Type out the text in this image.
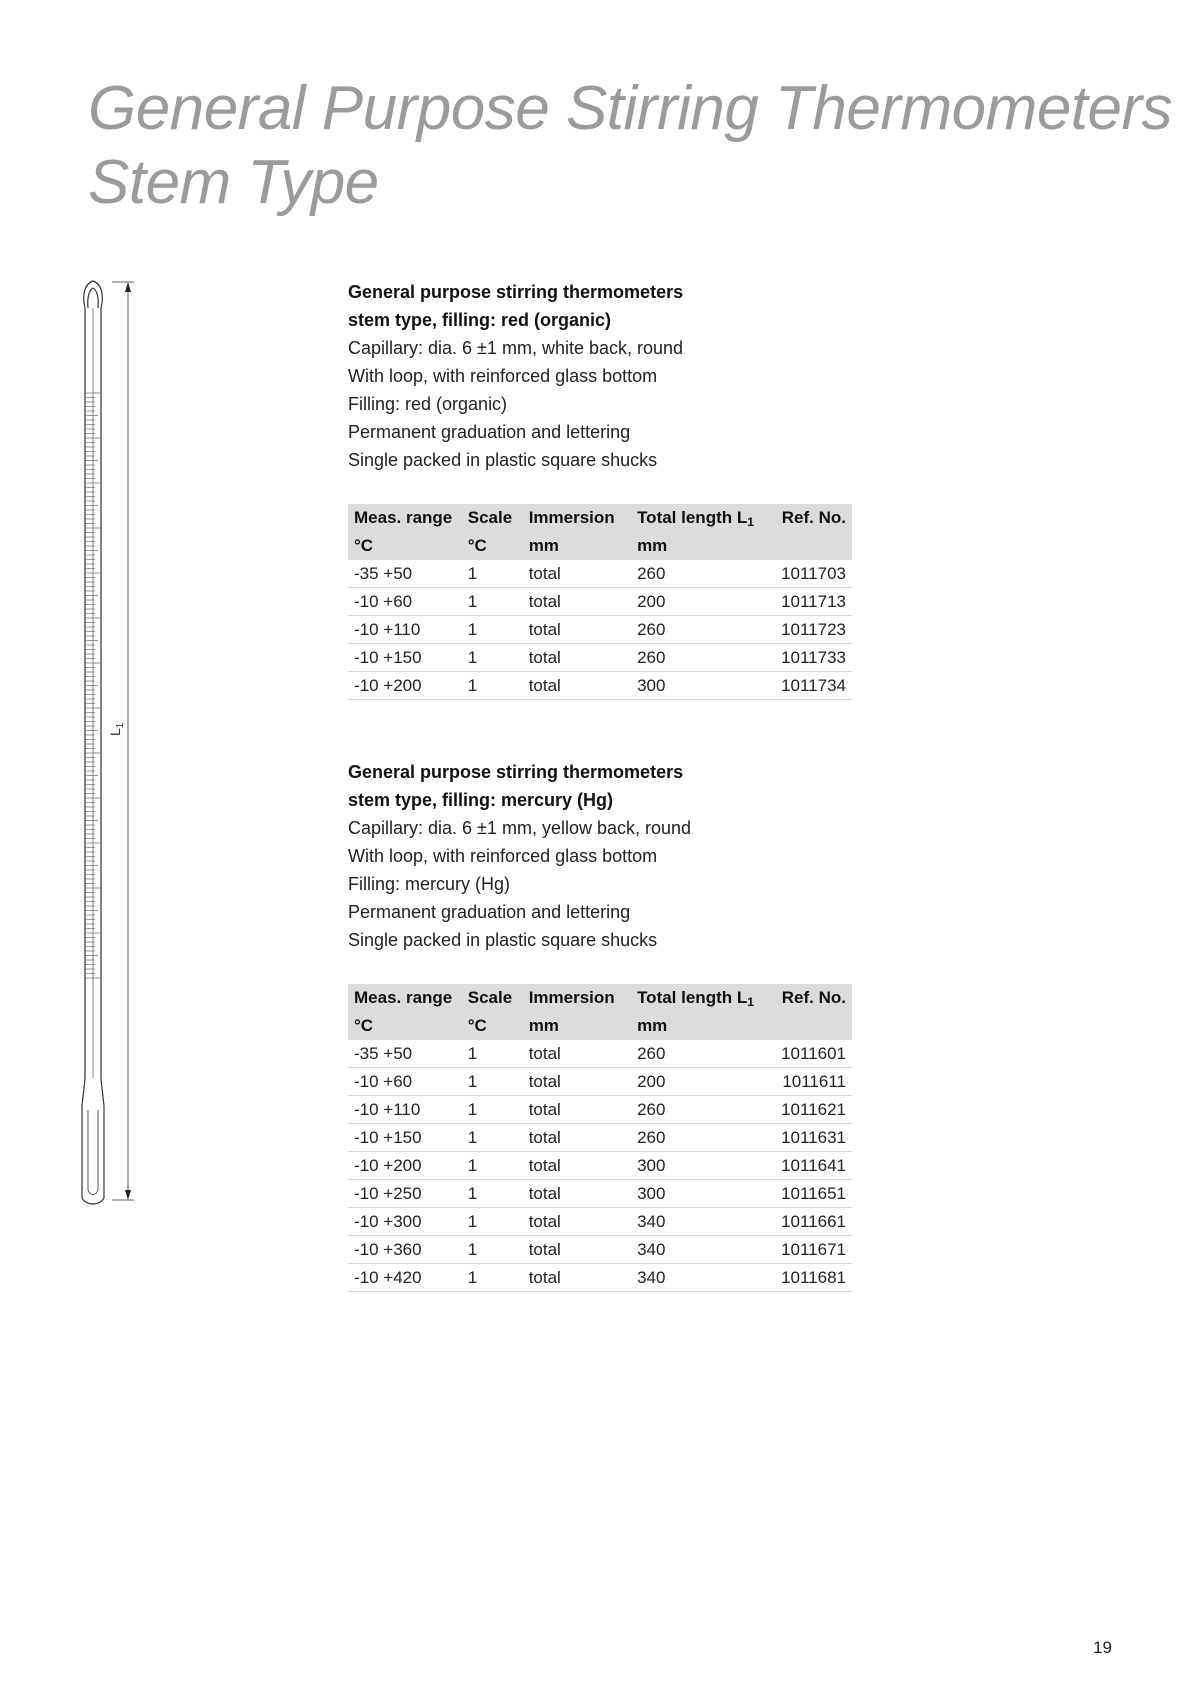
General Purpose Stirring Thermometers
Stem Type
$L_1$

General purpose stirring thermometers

stem type, filling: red (organic)

Capillary: dia. 6 ±1 mm, white back, round

With loop, with reinforced glass bottom

Filling: red (organic)

Permanent graduation and lettering

Single packed in plastic square shucks

Meas. range	Scale	Immersion	Total length $L_1$	Ref. No.
°C	°C	mm	mm	
-35 +50	1	total	260	1011703
-10 +60	1	total	200	1011713
-10 +110	1	total	260	1011723
-10 +150	1	total	260	1011733
-10 +200	1	total	300	1011734

General purpose stirring thermometers

stem type, filling: mercury (Hg)

Capillary: dia. 6 ±1 mm, yellow back, round

With loop, with reinforced glass bottom

Filling: mercury (Hg)

Permanent graduation and lettering

Single packed in plastic square shucks

Meas. range	Scale	Immersion	Total length $L_1$	Ref. No.
°C	°C	mm	mm	
-35 +50	1	total	260	1011601
-10 +60	1	total	200	1011611
-10 +110	1	total	260	1011621
-10 +150	1	total	260	1011631
-10 +200	1	total	300	1011641
-10 +250	1	total	300	1011651
-10 +300	1	total	340	1011661
-10 +360	1	total	340	1011671
-10 +420	1	total	340	1011681
19
